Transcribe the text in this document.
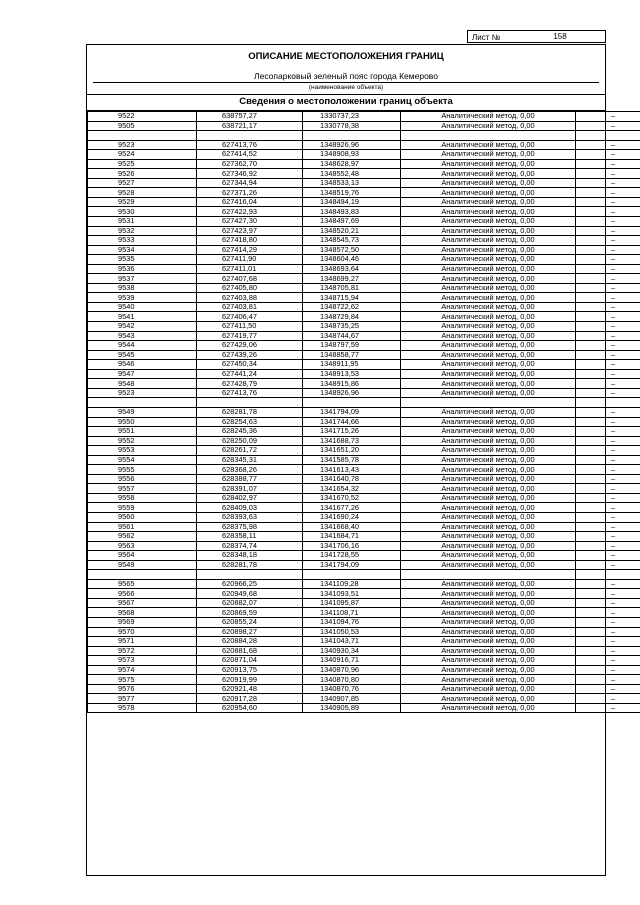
Лист №	158
ОПИСАНИЕ МЕСТОПОЛОЖЕНИЯ ГРАНИЦ
Лесопарковый зеленый пояс города Кемерово
(наименование объекта)
Сведения о местоположении границ объекта
9522	638757,27	1330737,23	Аналитический метод, 0,00	–
9505	638721,17	1330778,38	Аналитический метод, 0,00	–

9523	627413,76	1348926,96	Аналитический метод, 0,00	–
9524	627414,52	1348908,93	Аналитический метод, 0,00	–
9525	627362,70	1348628,97	Аналитический метод, 0,00	–
9526	627346,92	1348552,48	Аналитический метод, 0,00	–
9527	627344,94	1348533,13	Аналитический метод, 0,00	–
9528	627371,26	1348519,76	Аналитический метод, 0,00	–
9529	627416,04	1348494,19	Аналитический метод, 0,00	–
9530	627422,93	1348493,83	Аналитический метод, 0,00	–
9531	627427,30	1348497,69	Аналитический метод, 0,00	–
9532	627423,97	1348520,21	Аналитический метод, 0,00	–
9533	627418,80	1348545,73	Аналитический метод, 0,00	–
9534	627414,29	1348572,50	Аналитический метод, 0,00	–
9535	627411,90	1348604,46	Аналитический метод, 0,00	–
9536	627411,01	1348693,64	Аналитический метод, 0,00	–
9537	627407,68	1348699,27	Аналитический метод, 0,00	–
9538	627405,80	1348705,81	Аналитический метод, 0,00	–
9539	627403,88	1348715,94	Аналитический метод, 0,00	–
9540	627403,81	1348722,62	Аналитический метод, 0,00	–
9541	627406,47	1348729,84	Аналитический метод, 0,00	–
9542	627411,50	1348735,25	Аналитический метод, 0,00	–
9543	627419,77	1348744,67	Аналитический метод, 0,00	–
9544	627429,06	1348797,59	Аналитический метод, 0,00	–
9545	627439,26	1348858,77	Аналитический метод, 0,00	–
9546	627450,34	1348911,95	Аналитический метод, 0,00	–
9547	627441,24	1348913,53	Аналитический метод, 0,00	–
9548	627428,79	1348915,86	Аналитический метод, 0,00	–
9523	627413,76	1348926,96	Аналитический метод, 0,00	–

9549	628281,78	1341794,09	Аналитический метод, 0,00	–
9550	628254,63	1341744,66	Аналитический метод, 0,00	–
9551	628245,36	1341715,26	Аналитический метод, 0,00	–
9552	628250,09	1341688,73	Аналитический метод, 0,00	–
9553	628261,72	1341651,20	Аналитический метод, 0,00	–
9554	628345,31	1341585,78	Аналитический метод, 0,00	–
9555	628368,26	1341613,43	Аналитический метод, 0,00	–
9556	628388,77	1341640,78	Аналитический метод, 0,00	–
9557	628391,07	1341654,32	Аналитический метод, 0,00	–
9558	628402,97	1341670,52	Аналитический метод, 0,00	–
9559	628409,03	1341677,26	Аналитический метод, 0,00	–
9560	628393,63	1341690,24	Аналитический метод, 0,00	–
9561	628375,98	1341668,40	Аналитический метод, 0,00	–
9562	628358,11	1341684,71	Аналитический метод, 0,00	–
9563	628374,74	1341706,16	Аналитический метод, 0,00	–
9564	628348,18	1341728,55	Аналитический метод, 0,00	–
9549	628281,78	1341794,09	Аналитический метод, 0,00	–

9565	620966,25	1341109,28	Аналитический метод, 0,00	–
9566	620949,68	1341093,51	Аналитический метод, 0,00	–
9567	620882,07	1341095,87	Аналитический метод, 0,00	–
9568	620869,59	1341108,71	Аналитический метод, 0,00	–
9569	620855,24	1341094,76	Аналитический метод, 0,00	–
9570	620898,27	1341050,53	Аналитический метод, 0,00	–
9571	620884,28	1341043,71	Аналитический метод, 0,00	–
9572	620881,68	1340930,34	Аналитический метод, 0,00	–
9573	620871,04	1340916,71	Аналитический метод, 0,00	–
9574	620913,75	1340870,96	Аналитический метод, 0,00	–
9575	620919,99	1340870,80	Аналитический метод, 0,00	–
9576	620921,48	1340870,76	Аналитический метод, 0,00	–
9577	620917,28	1340907,85	Аналитический метод, 0,00	–
9578	620954,60	1340905,89	Аналитический метод, 0,00	–
